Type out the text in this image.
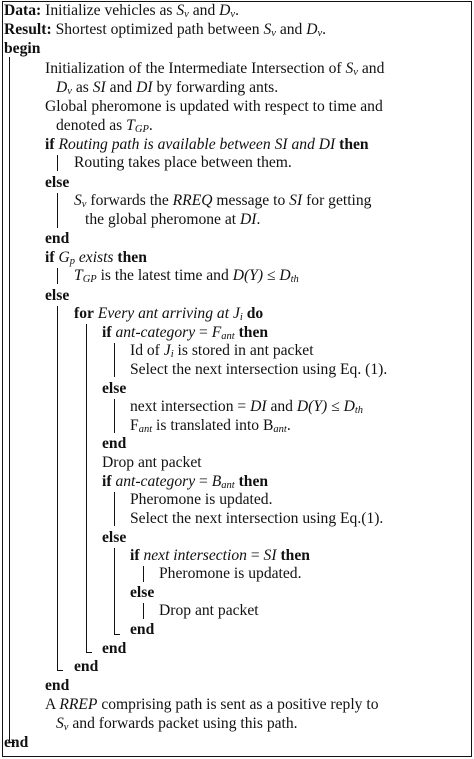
Data: Initialize vehicles as $S_v$ and $D_v$.
Result: Shortest optimized path between $S_v$ and $D_v$.
begin
Initialization of the Intermediate Intersection of $S_v$ and
$D_v$ as SI and DI by forwarding ants.
Global pheromone is updated with respect to time and
denoted as $T_{GP}$.
if Routing path is available between SI and DI then
Routing takes place between them.
else
$S_v$ forwards the RREQ message to SI for getting
the global pheromone at DI.
end
if $G_p$ exists then
$T_{GP}$ is the latest time and $D(Y) \le D_{th}$
else
for Every ant arriving at $J_i$ do
if ant-category = $F_{ant}$ then
Id of $J_i$ is stored in ant packet
Select the next intersection using Eq. (1).
else
next intersection = DI and $D(Y) \le D_{th}$
$F_{ant}$ is translated into $B_{ant}$.
end
Drop ant packet
if ant-category = $B_{ant}$ then
Pheromone is updated.
Select the next intersection using Eq.(1).
else
if next intersection = SI then
Pheromone is updated.
else
Drop ant packet
end
end
end
end
A RREP comprising path is sent as a positive reply to
$S_v$ and forwards packet using this path.
end
